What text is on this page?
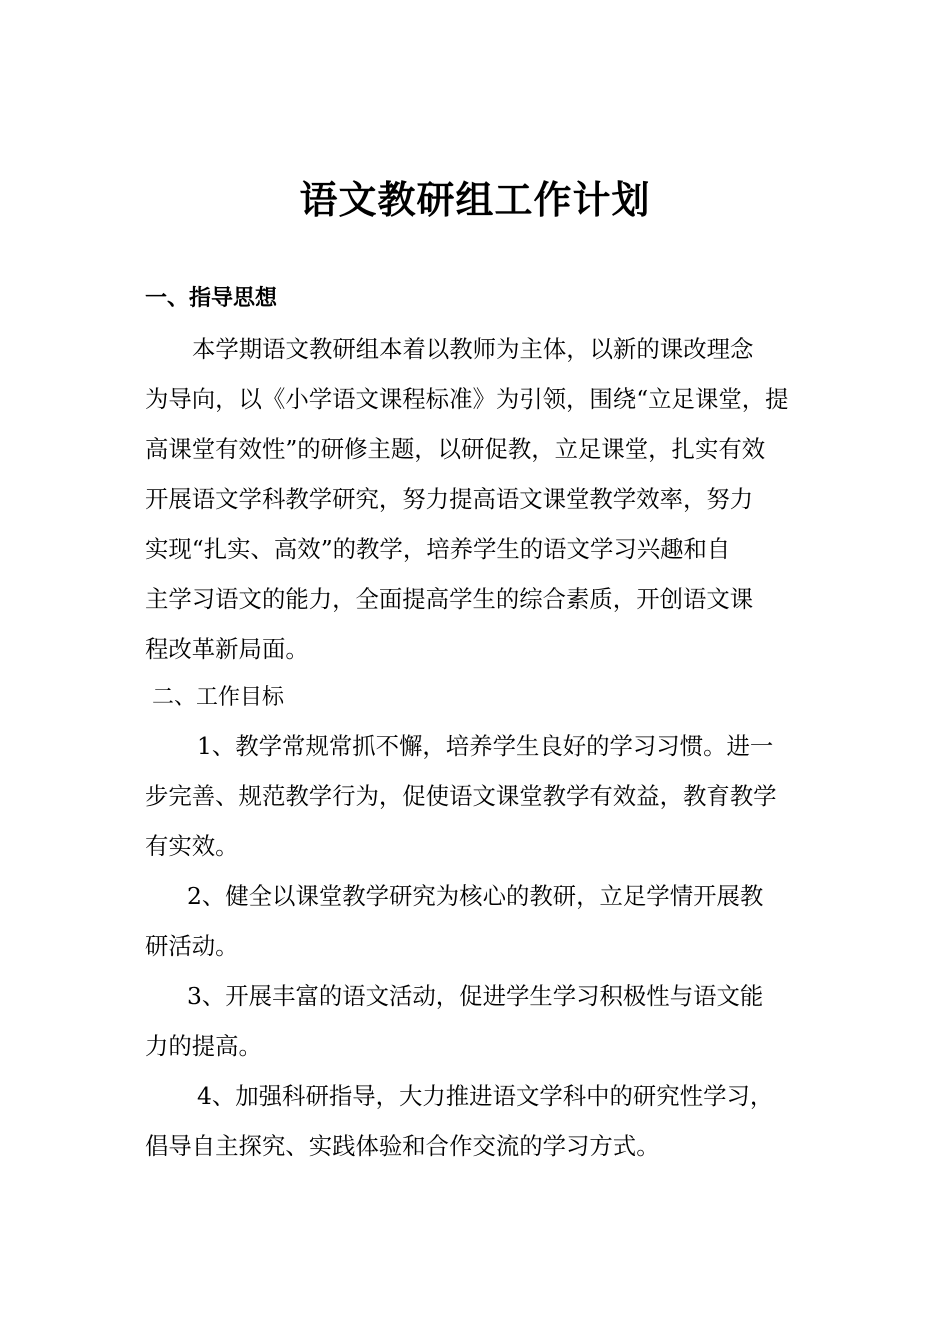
语文教研组工作计划
一、指导思想
本学期语文教研组本着以教师为主体，以新的课改理念
为导向，以《小学语文课程标准》为引领，围绕“立足课堂，提
高课堂有效性”的研修主题，以研促教，立足课堂，扎实有效
开展语文学科教学研究，努力提高语文课堂教学效率，努力
实现“扎实、高效”的教学，培养学生的语文学习兴趣和自
主学习语文的能力，全面提高学生的综合素质，开创语文课
程改革新局面。
二、工作目标
1、教学常规常抓不懈，培养学生良好的学习习惯。进一
步完善、规范教学行为，促使语文课堂教学有效益，教育教学
有实效。
2、健全以课堂教学研究为核心的教研，立足学情开展教
研活动。
3、开展丰富的语文活动，促进学生学习积极性与语文能
力的提高。
4、加强科研指导，大力推进语文学科中的研究性学习，
倡导自主探究、实践体验和合作交流的学习方式。
